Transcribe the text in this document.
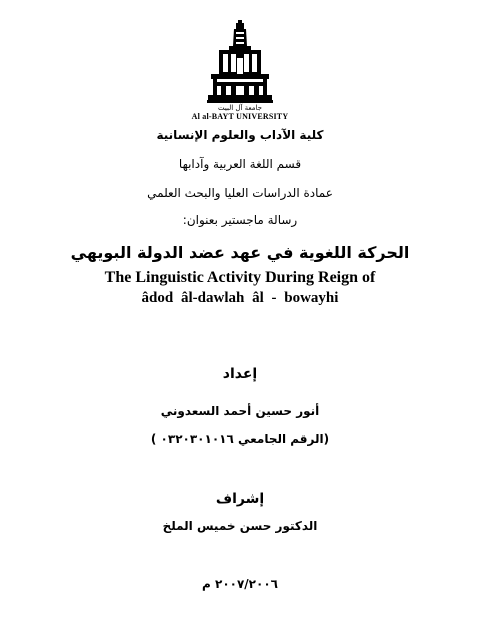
جامعة آل البيت
Al al-BAYT UNIVERSITY
كلية الآداب والعلوم الإنسانية
قسم اللغة العربية وآدابها
عمادة الدراسات العليا والبحث العلمي
رسالة ماجستير بعنوان:
الحركة اللغوية في عهد عضد الدولة البويهي
The Linguistic Activity During Reign of
âdod âl-dawlah âl - bowayhi
إعداد
أنور حسين أحمد السعدوني
(الرقم الجامعي ٠٣٢٠٣٠١٠١٦ )
إشراف
الدكتور حسن خميس الملخ
٢٠٠٧/٢٠٠٦ م
